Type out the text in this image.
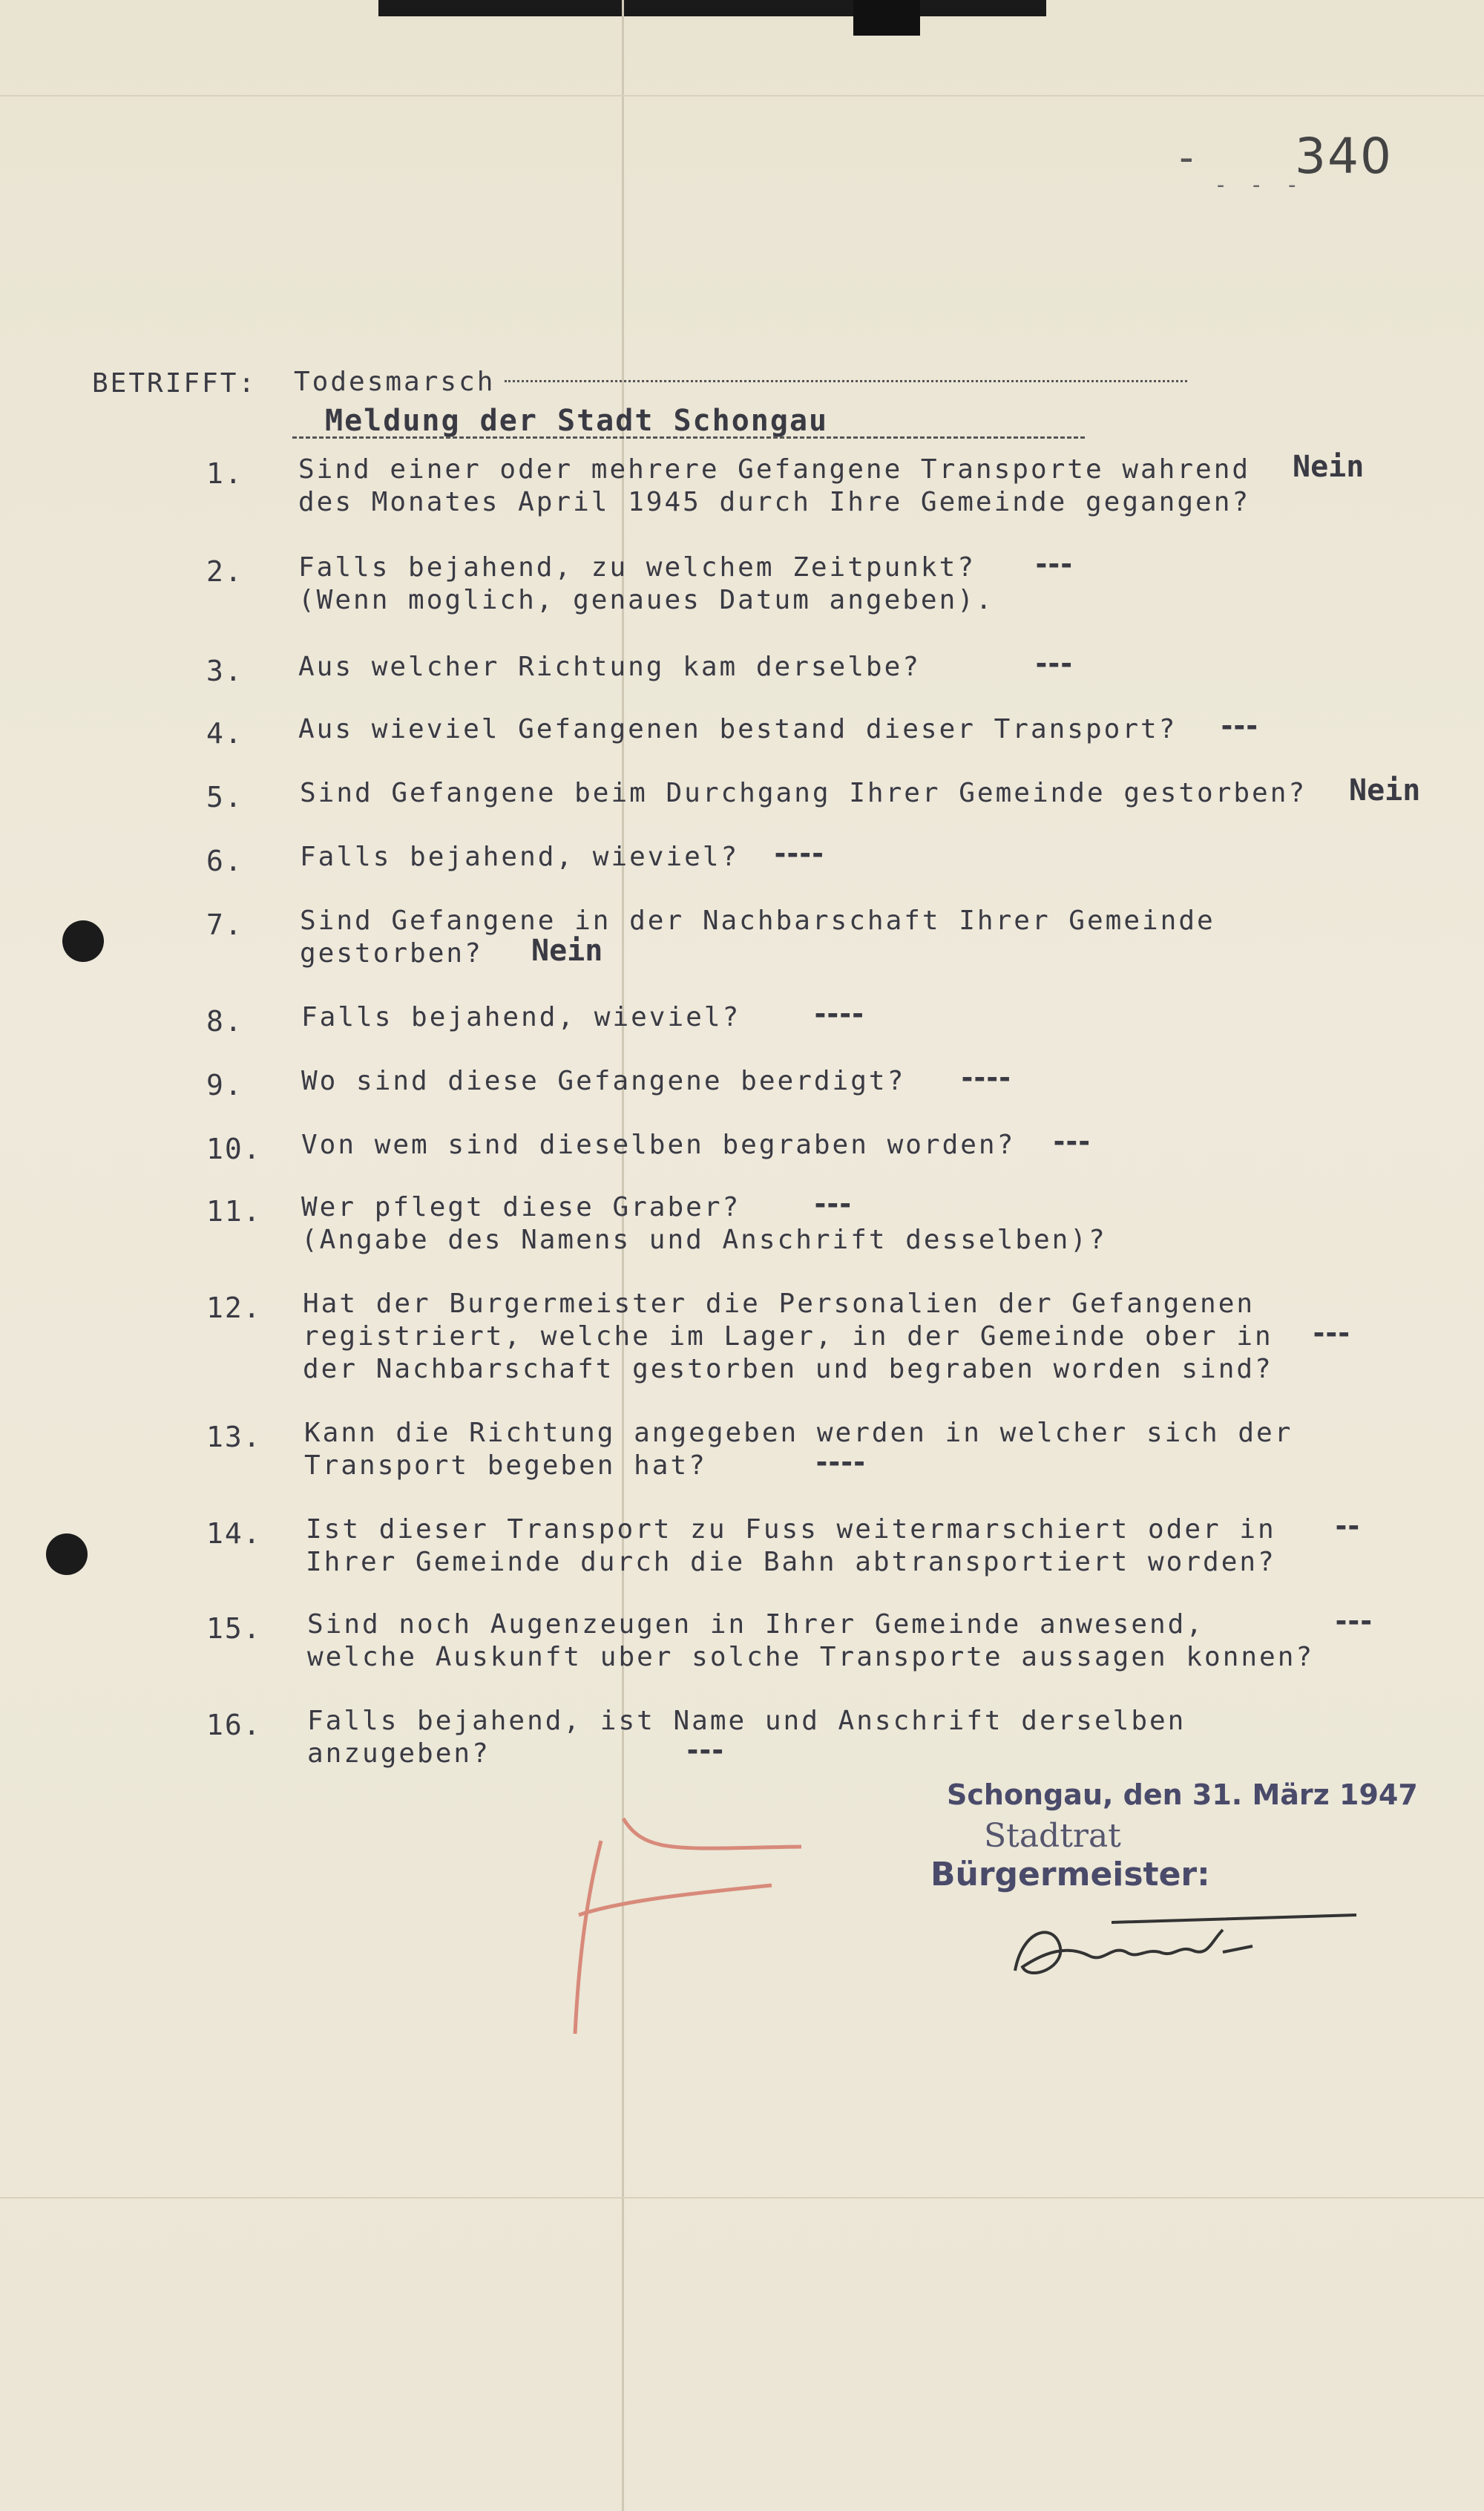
-
- - -
340
BETRIFFT: Todesmarsch
Meldung der Stadt Schongau
1. Sind einer oder mehrere Gefangene Transporte wahrend
des Monates April 1945 durch Ihre Gemeinde gegangen?
Nein
2. Falls bejahend, zu welchem Zeitpunkt?
(Wenn moglich, genaues Datum angeben).
---
3. Aus welcher Richtung kam derselbe?	---
4. Aus wieviel Gefangenen bestand dieser Transport? ---
5. Sind Gefangene beim Durchgang Ihrer Gemeinde gestorben? Nein
6. Falls bejahend, wieviel? ----
7. Sind Gefangene in der Nachbarschaft Ihrer Gemeinde
gestorben? Nein
8. Falls bejahend, wieviel?	----
9. Wo sind diese Gefangene beerdigt? ----
10. Von wem sind dieselben begraben worden? ---
11. Wer pflegt diese Graber?
(Angabe des Namens und Anschrift desselben)?
---
12. Hat der Burgermeister die Personalien der Gefangenen
registriert, welche im Lager, in der Gemeinde ober in
der Nachbarschaft gestorben und begraben worden sind?
---
13. Kann die Richtung angegeben werden in welcher sich der
Transport begeben hat?	----
14. Ist dieser Transport zu Fuss weitermarschiert oder in
Ihrer Gemeinde durch die Bahn abtransportiert worden?
--
15. Sind noch Augenzeugen in Ihrer Gemeinde anwesend,
welche Auskunft uber solche Transporte aussagen konnen?
---
16. Falls bejahend, ist Name und Anschrift derselben
anzugeben?	---
Schongau, den 31. März 1947
Stadtrat
Bürgermeister:
